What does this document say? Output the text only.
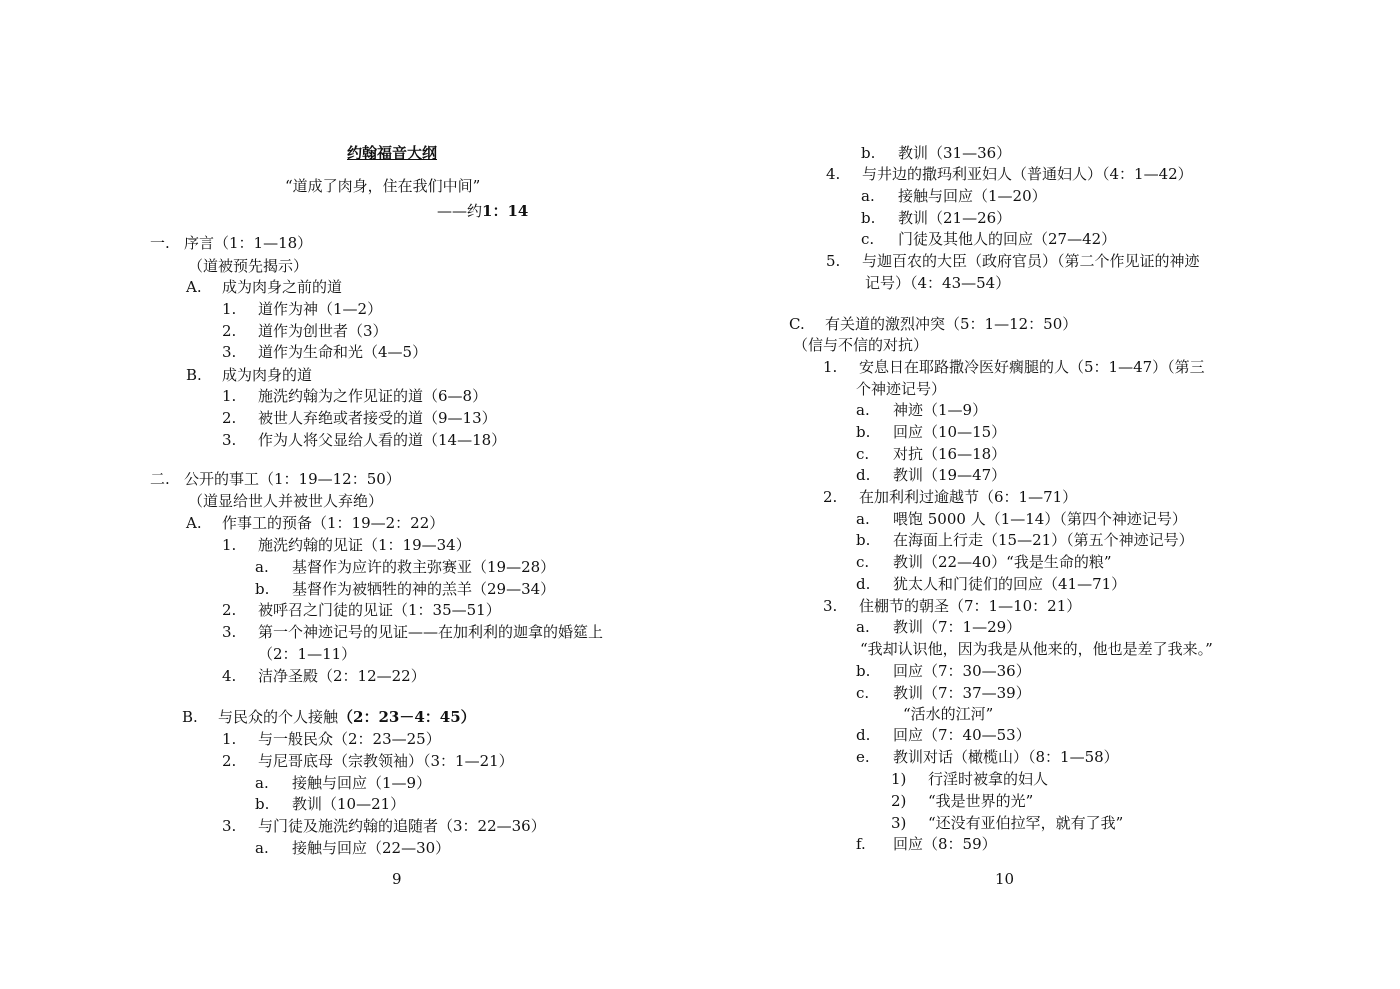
约翰福音大纲
“道成了肉身，住在我们中间”
——约1：14
一. 序言（1：1—18）
（道被预先揭示）
A. 成为肉身之前的道
1. 道作为神（1—2）
2. 道作为创世者（3）
3. 道作为生命和光（4—5）
B. 成为肉身的道
1. 施洗约翰为之作见证的道（6—8）
2. 被世人弃绝或者接受的道（9—13）
3. 作为人将父显给人看的道（14—18）
二. 公开的事工（1：19—12：50）
（道显给世人并被世人弃绝）
A. 作事工的预备（1：19—2：22）
1. 施洗约翰的见证（1：19—34）
a. 基督作为应许的救主弥赛亚（19—28）
b. 基督作为被牺牲的神的羔羊（29—34）
2. 被呼召之门徒的见证（1：35—51）
3. 第一个神迹记号的见证——在加利利的迦拿的婚筵上
（2：1—11）
4. 洁净圣殿（2：12—22）
B. 与民众的个人接触（2：23－4：45）
1. 与一般民众（2：23—25）
2. 与尼哥底母（宗教领袖）（3：1—21）
a. 接触与回应（1—9）
b. 教训（10—21）
3. 与门徒及施洗约翰的追随者（3：22—36）
a. 接触与回应（22—30）
9
b. 教训（31—36）
4. 与井边的撒玛利亚妇人（普通妇人）（4：1—42）
a. 接触与回应（1—20）
b. 教训（21—26）
c. 门徒及其他人的回应（27—42）
5. 与迦百农的大臣（政府官员）（第二个作见证的神迹
记号）（4：43—54）
C. 有关道的激烈冲突（5：1—12：50）
（信与不信的对抗）
1. 安息日在耶路撒冷医好瘸腿的人（5：1—47）（第三
个神迹记号）
a. 神迹（1—9）
b. 回应（10—15）
c. 对抗（16—18）
d. 教训（19—47）
2. 在加利利过逾越节（6：1—71）
a. 喂饱 5000 人（1—14）（第四个神迹记号）
b. 在海面上行走（15—21）（第五个神迹记号）
c. 教训（22—40）“我是生命的粮”
d. 犹太人和门徒们的回应（41—71）
3. 住棚节的朝圣（7：1—10：21）
a. 教训（7：1—29）
“我却认识他，因为我是从他来的，他也是差了我来。”
b. 回应（7：30—36）
c. 教训（7：37—39）
“活水的江河”
d. 回应（7：40—53）
e. 教训对话（橄榄山）（8：1—58）
1) 行淫时被拿的妇人
2) “我是世界的光”
3) “还没有亚伯拉罕，就有了我”
f. 回应（8：59）
10
